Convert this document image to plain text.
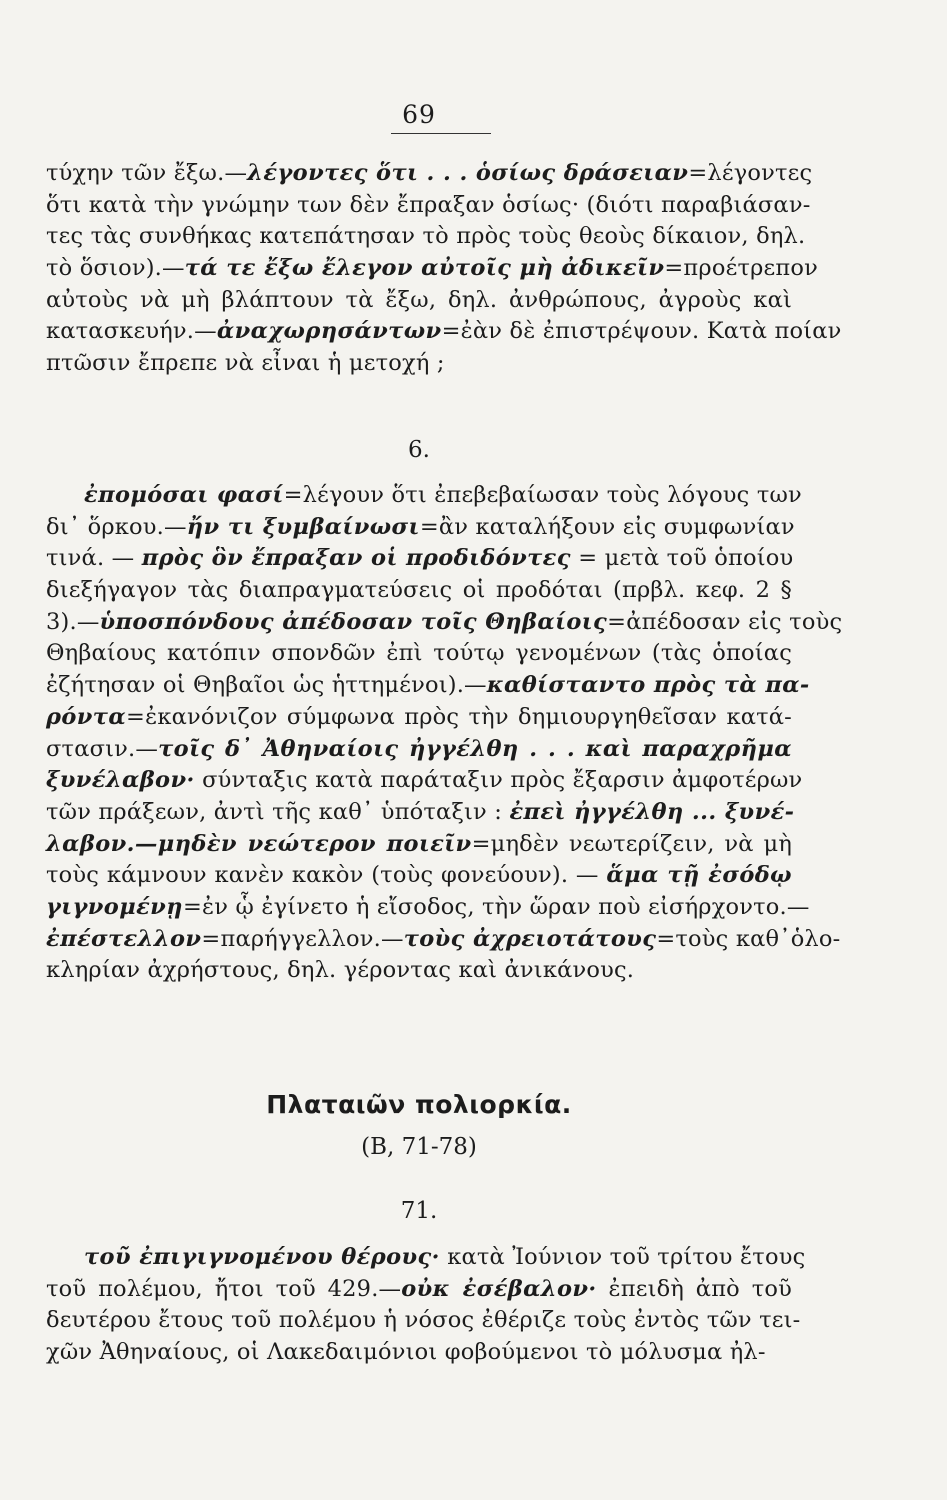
69
τύχην τῶν ἔξω.—λέγοντες ὅτι . . . ὁσίως δράσειαν=λέγοντες
ὅτι κατὰ τὴν γνώμην των δὲν ἔπραξαν ὁσίως· (διότι παραβιάσαν-
τες τὰς συνθήκας κατεπάτησαν τὸ πρὸς τοὺς θεοὺς δίκαιον, δηλ.
τὸ ὅσιον).—τά τε ἔξω ἔλεγον αὐτοῖς μὴ ἀδικεῖν=προέτρεπον
αὐτοὺς νὰ μὴ βλάπτουν τὰ ἔξω, δηλ. ἀνθρώπους, ἀγροὺς καὶ
κατασκευήν.—ἀναχωρησάντων=ἐὰν δὲ ἐπιστρέψουν. Κατὰ ποίαν
πτῶσιν ἔπρεπε νὰ εἶναι ἡ μετοχή ;
6.
ἐπομόσαι φασί=λέγουν ὅτι ἐπεβεβαίωσαν τοὺς λόγους των
δι᾽ ὅρκου.—ἤν τι ξυμβαίνωσι=ἂν καταλήξουν εἰς συμφωνίαν
τινά. — πρὸς ὃν ἔπραξαν οἱ προδιδόντες = μετὰ τοῦ ὁποίου
διεξήγαγον τὰς διαπραγματεύσεις οἱ προδόται (πρβλ. κεφ. 2 §
3).—ὑποσπόνδους ἀπέδοσαν τοῖς Θηβαίοις=ἀπέδοσαν εἰς τοὺς
Θηβαίους κατόπιν σπονδῶν ἐπὶ τούτῳ γενομένων (τὰς ὁποίας
ἐζήτησαν οἱ Θηβαῖοι ὡς ἡττημένοι).—καθίσταντο πρὸς τὰ πα-
ρόντα=ἐκανόνιζον σύμφωνα πρὸς τὴν δημιουργηθεῖσαν κατά-
στασιν.—τοῖς δ᾽ Ἀθηναίοις ἠγγέλθη . . . καὶ παραχρῆμα
ξυνέλαβον· σύνταξις κατὰ παράταξιν πρὸς ἔξαρσιν ἀμφοτέρων
τῶν πράξεων, ἀντὶ τῆς καθ᾽ ὑπόταξιν : ἐπεὶ ἠγγέλθη ... ξυνέ-
λαβον.—μηδὲν νεώτερον ποιεῖν=μηδὲν νεωτερίζειν, νὰ μὴ
τοὺς κάμνουν κανὲν κακὸν (τοὺς φονεύουν). — ἅμα τῇ ἐσόδῳ
γιγνομένῃ=ἐν ᾧ ἐγίνετο ἡ εἴσοδος, τὴν ὥραν ποὺ εἰσήρχοντο.—
ἐπέστελλον=παρήγγελλον.—τοὺς ἀχρειοτάτους=τοὺς καθ᾽ὁλο-
κληρίαν ἀχρήστους, δηλ. γέροντας καὶ ἀνικάνους.
Πλαταιῶν πολιορκία.
(Β, 71-78)
71.
τοῦ ἐπιγιγνομένου θέρους· κατὰ Ἰούνιον τοῦ τρίτου ἔτους
τοῦ πολέμου, ἤτοι τοῦ 429.—οὐκ ἐσέβαλον· ἐπειδὴ ἀπὸ τοῦ
δευτέρου ἔτους τοῦ πολέμου ἡ νόσος ἐθέριζε τοὺς ἐντὸς τῶν τει-
χῶν Ἀθηναίους, οἱ Λακεδαιμόνιοι φοβούμενοι τὸ μόλυσμα ἠλ-
